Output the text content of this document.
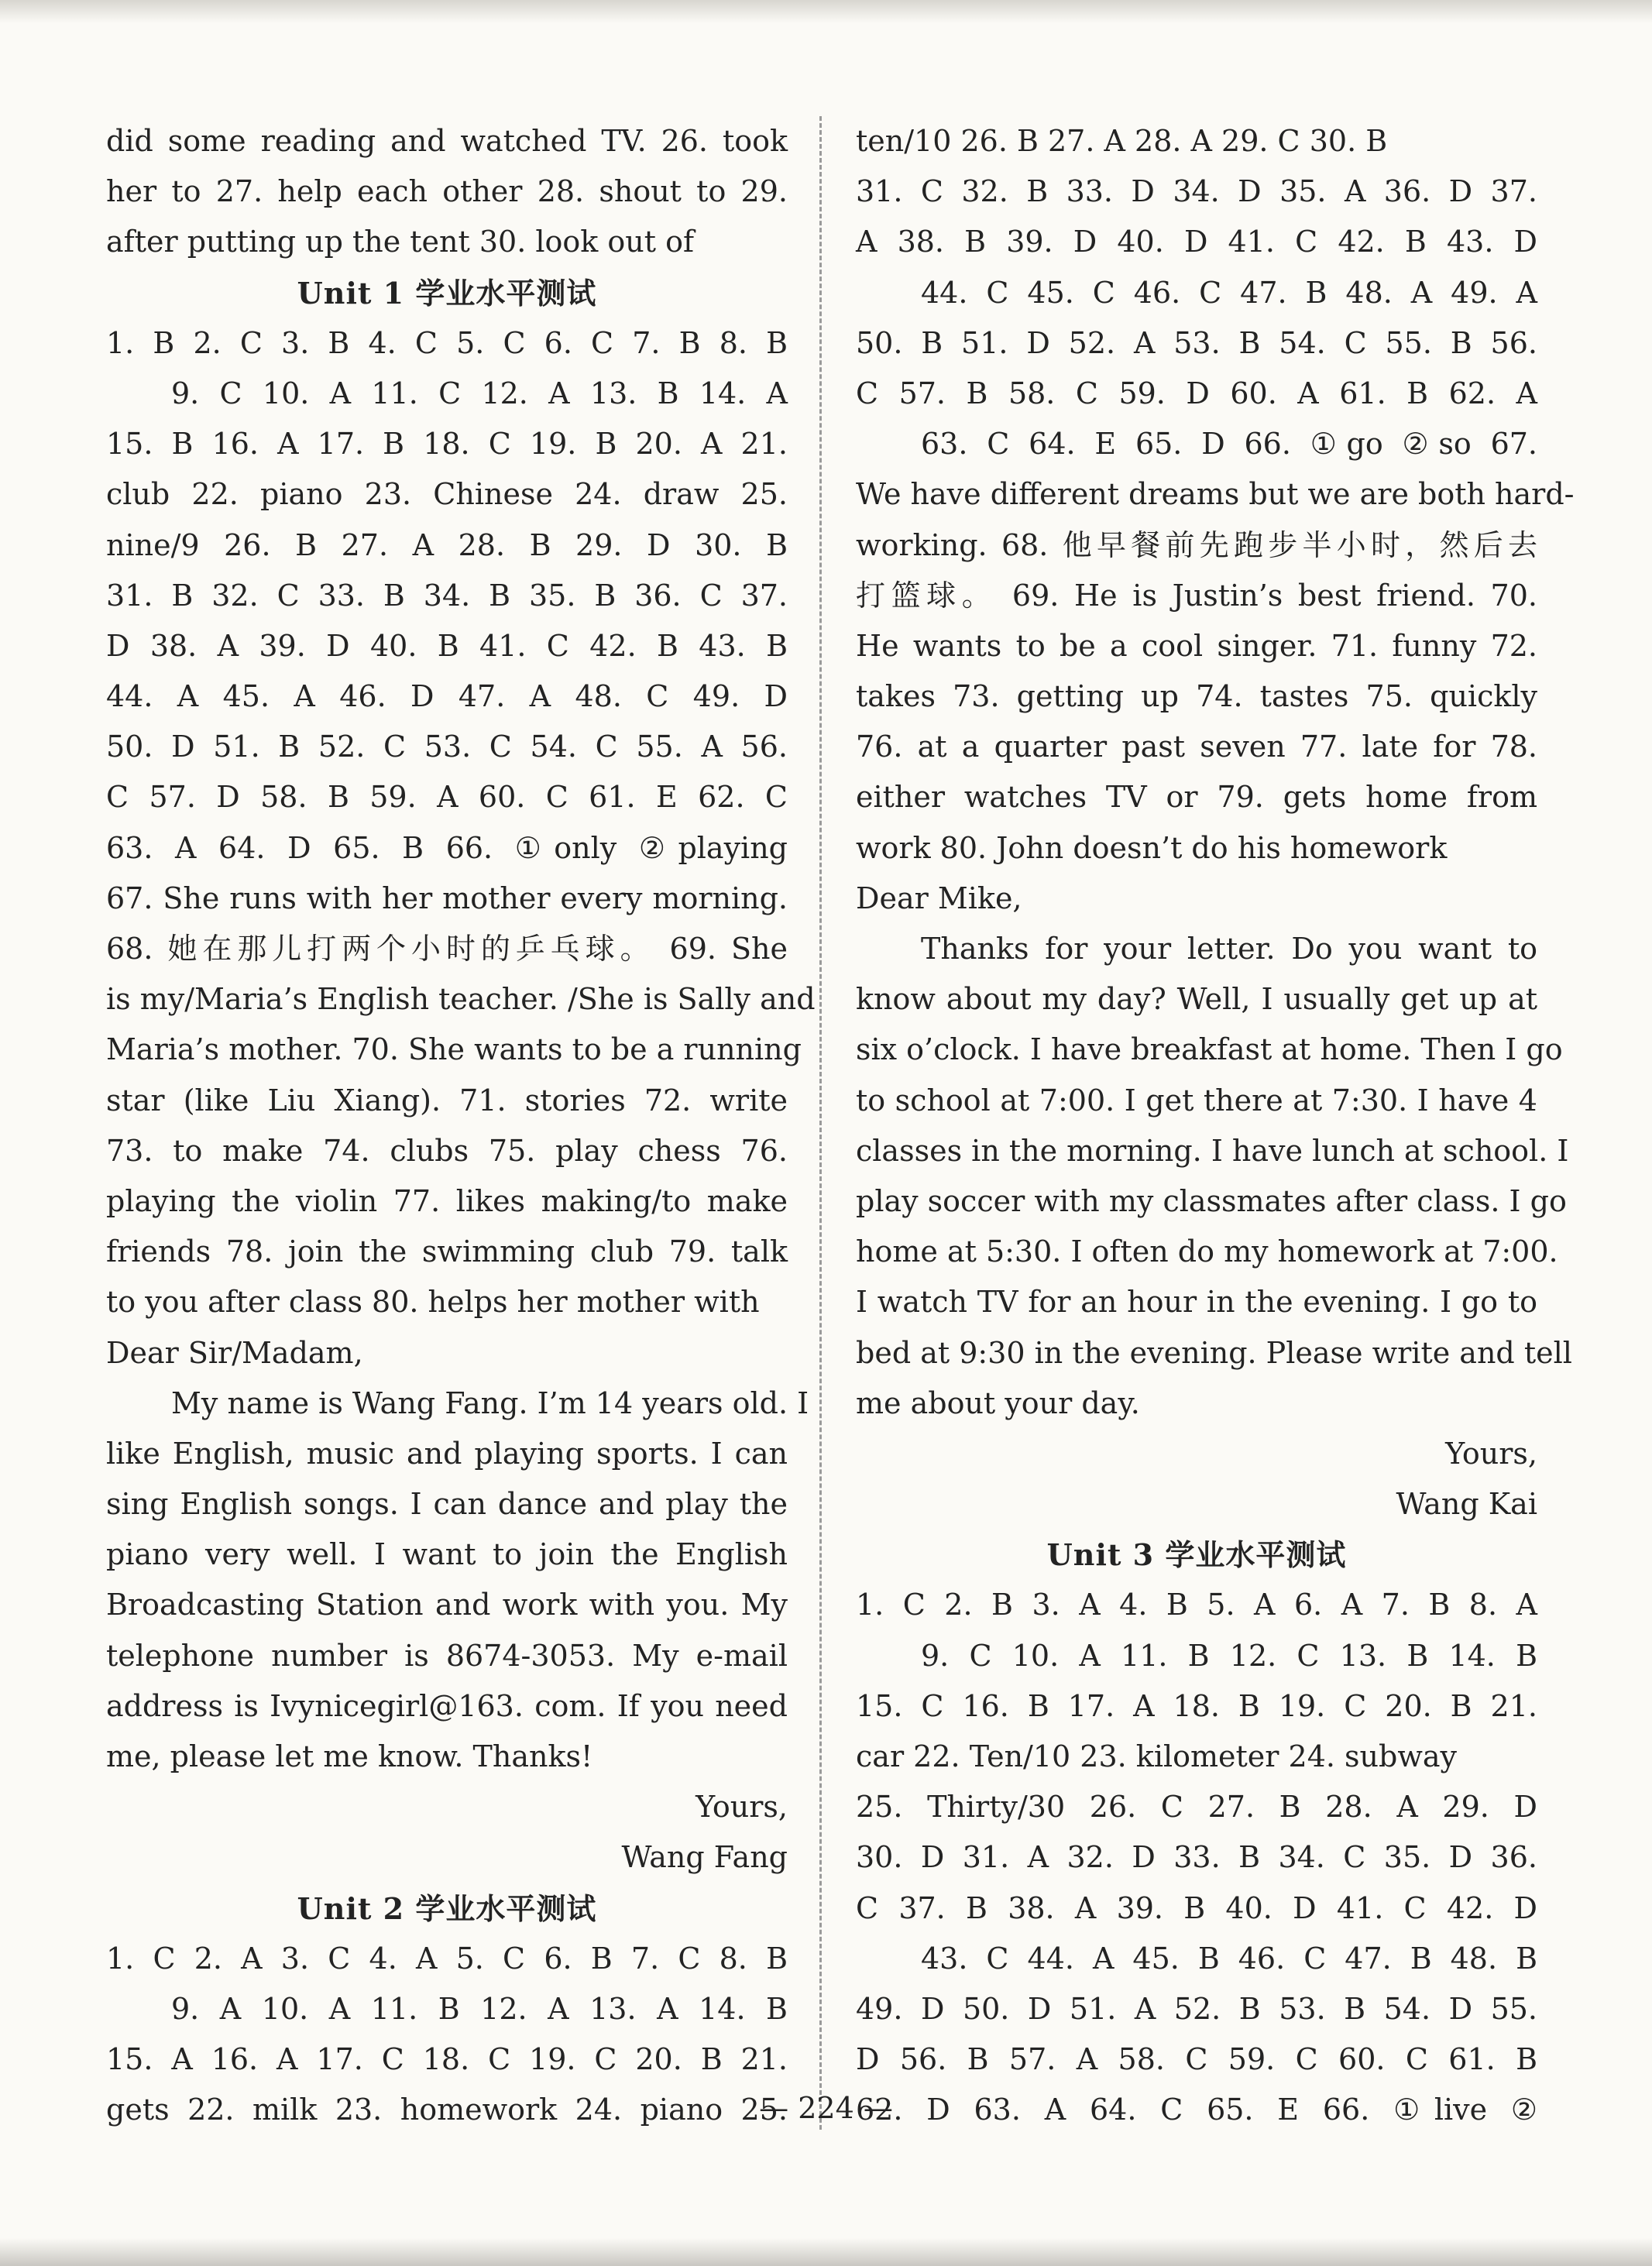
did some reading and watched TV. 26. took
her to 27. help each other 28. shout to 29.
after putting up the tent 30. look out of
Unit 1 学业水平测试
1. B 2. C 3. B 4. C 5. C 6. C 7. B 8. B
9. C 10. A 11. C 12. A 13. B 14. A
15. B 16. A 17. B 18. C 19. B 20. A 21.
club 22. piano 23. Chinese 24. draw 25.
nine/9 26. B 27. A 28. B 29. D 30. B
31. B 32. C 33. B 34. B 35. B 36. C 37.
D 38. A 39. D 40. B 41. C 42. B 43. B
44. A 45. A 46. D 47. A 48. C 49. D
50. D 51. B 52. C 53. C 54. C 55. A 56.
C 57. D 58. B 59. A 60. C 61. E 62. C
63. A 64. D 65. B 66. ①only ②playing
67. She runs with her mother every morning.
68. 她在那儿打两个小时的乒乓球。 69. She
is my/Maria’s English teacher. /She is Sally and
Maria’s mother. 70. She wants to be a running
star (like Liu Xiang). 71. stories 72. write
73. to make 74. clubs 75. play chess 76.
playing the violin 77. likes making/to make
friends 78. join the swimming club 79. talk
to you after class 80. helps her mother with
Dear Sir/Madam,
My name is Wang Fang. I’m 14 years old. I
like English, music and playing sports. I can
sing English songs. I can dance and play the
piano very well. I want to join the English
Broadcasting Station and work with you. My
telephone number is 8674-3053. My e-mail
address is Ivynicegirl@163. com. If you need
me, please let me know. Thanks!
Yours,
Wang Fang
Unit 2 学业水平测试
1. C 2. A 3. C 4. A 5. C 6. B 7. C 8. B
9. A 10. A 11. B 12. A 13. A 14. B
15. A 16. A 17. C 18. C 19. C 20. B 21.
gets 22. milk 23. homework 24. piano 25.
ten/10 26. B 27. A 28. A 29. C 30. B
31. C 32. B 33. D 34. D 35. A 36. D 37.
A 38. B 39. D 40. D 41. C 42. B 43. D
44. C 45. C 46. C 47. B 48. A 49. A
50. B 51. D 52. A 53. B 54. C 55. B 56.
C 57. B 58. C 59. D 60. A 61. B 62. A
63. C 64. E 65. D 66. ①go ②so 67.
We have different dreams but we are both hard-
working. 68. 他早餐前先跑步半小时，然后去
打篮球。 69. He is Justin’s best friend. 70.
He wants to be a cool singer. 71. funny 72.
takes 73. getting up 74. tastes 75. quickly
76. at a quarter past seven 77. late for 78.
either watches TV or 79. gets home from
work 80. John doesn’t do his homework
Dear Mike,
Thanks for your letter. Do you want to
know about my day? Well, I usually get up at
six o’clock. I have breakfast at home. Then I go
to school at 7:00. I get there at 7:30. I have 4
classes in the morning. I have lunch at school. I
play soccer with my classmates after class. I go
home at 5:30. I often do my homework at 7:00.
I watch TV for an hour in the evening. I go to
bed at 9:30 in the evening. Please write and tell
me about your day.
Yours,
Wang Kai
Unit 3 学业水平测试
1. C 2. B 3. A 4. B 5. A 6. A 7. B 8. A
9. C 10. A 11. B 12. C 13. B 14. B
15. C 16. B 17. A 18. B 19. C 20. B 21.
car 22. Ten/10 23. kilometer 24. subway
25. Thirty/30 26. C 27. B 28. A 29. D
30. D 31. A 32. D 33. B 34. C 35. D 36.
C 37. B 38. A 39. B 40. D 41. C 42. D
43. C 44. A 45. B 46. C 47. B 48. B
49. D 50. D 51. A 52. B 53. B 54. D 55.
D 56. B 57. A 58. C 59. C 60. C 61. B
62. D 63. A 64. C 65. E 66. ①live ②
— 224 —
